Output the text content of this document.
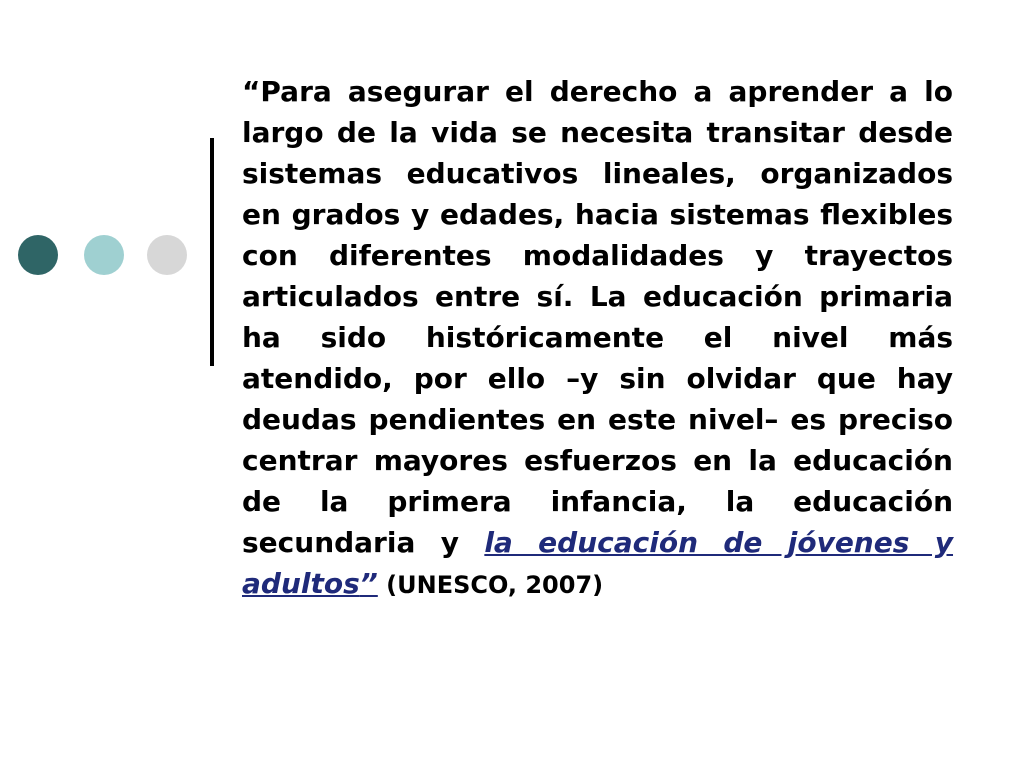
“Para asegurar el derecho a aprender a lo largo de la vida se necesita transitar desde sistemas educativos lineales, organizados en grados y edades, hacia sistemas flexibles con diferentes modalidades y trayectos articulados entre sí. La educación primaria ha sido históricamente el nivel más atendido, por ello –y sin olvidar que hay deudas pendientes en este nivel– es preciso centrar mayores esfuerzos en la educación de la primera infancia, la educación secundaria y la educación de jóvenes y adultos” (UNESCO, 2007)
